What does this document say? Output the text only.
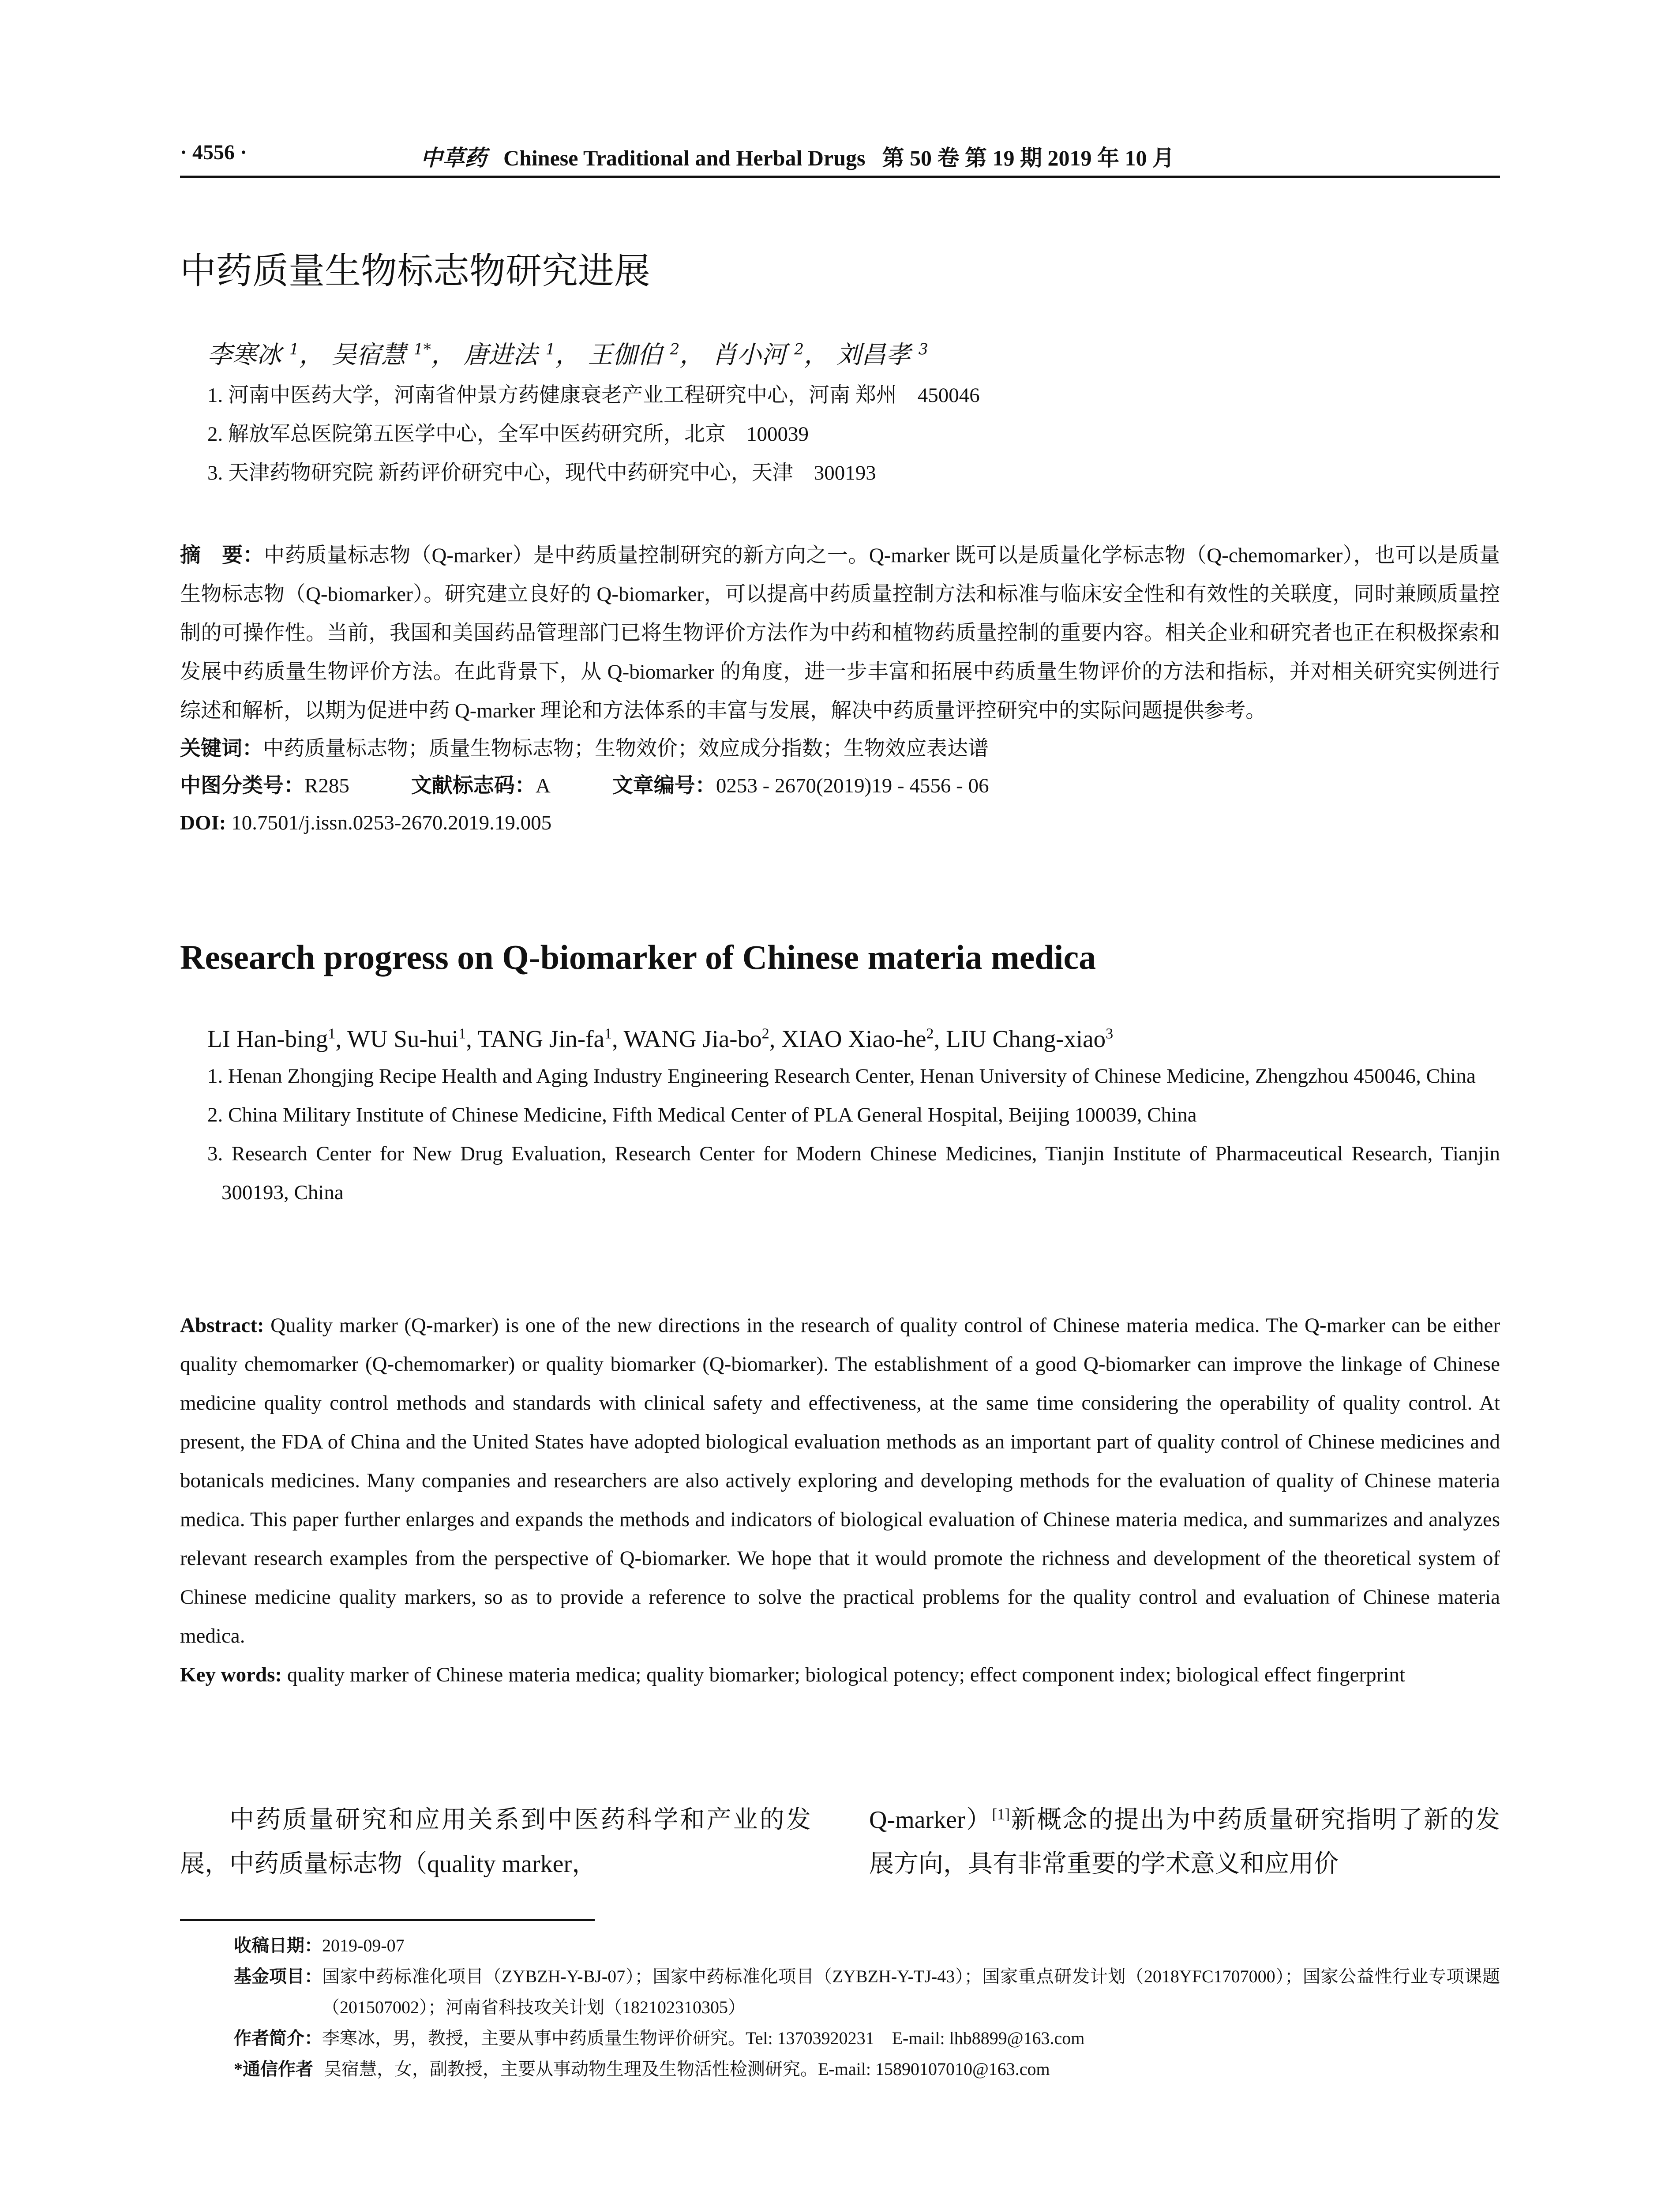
· 4556 ·	中草药 Chinese Traditional and Herbal Drugs 第 50 卷 第 19 期 2019 年 10 月
中药质量生物标志物研究进展
李寒冰 $^1$， 吴宿慧 $^{1*}$， 唐进法 $^1$， 王伽伯 $^2$， 肖小河 $^2$， 刘昌孝 $^3$
1. 河南中医药大学，河南省仲景方药健康衰老产业工程研究中心，河南 郑州　450046
2. 解放军总医院第五医学中心，全军中医药研究所，北京　100039
3. 天津药物研究院 新药评价研究中心，现代中药研究中心，天津　300193
摘　要：中药质量标志物（Q-marker）是中药质量控制研究的新方向之一。Q-marker 既可以是质量化学标志物（Q-chemomarker），也可以是质量生物标志物（Q-biomarker）。研究建立良好的 Q-biomarker，可以提高中药质量控制方法和标准与临床安全性和有效性的关联度，同时兼顾质量控制的可操作性。当前，我国和美国药品管理部门已将生物评价方法作为中药和植物药质量控制的重要内容。相关企业和研究者也正在积极探索和发展中药质量生物评价方法。在此背景下，从 Q-biomarker 的角度，进一步丰富和拓展中药质量生物评价的方法和指标，并对相关研究实例进行综述和解析，以期为促进中药 Q-marker 理论和方法体系的丰富与发展，解决中药质量评控研究中的实际问题提供参考。
关键词：中药质量标志物；质量生物标志物；生物效价；效应成分指数；生物效应表达谱
中图分类号：R285	文献标志码：A	文章编号：0253 - 2670(2019)19 - 4556 - 06
DOI: 10.7501/j.issn.0253-2670.2019.19.005
Research progress on Q-biomarker of Chinese materia medica
LI Han-bing$^1$, WU Su-hui$^1$, TANG Jin-$fa^1$, WANG Jia-$bo^2$, XIAO Xiao-$he^2$, LIU Chang-xiao$^3$
1. Henan Zhongjing Recipe Health and Aging Industry Engineering Research Center, Henan University of Chinese Medicine, Zhengzhou 450046, China
2. China Military Institute of Chinese Medicine, Fifth Medical Center of PLA General Hospital, Beijing 100039, China
3. Research Center for New Drug Evaluation, Research Center for Modern Chinese Medicines, Tianjin Institute of Pharmaceutical Research, Tianjin 300193, China
Abstract: Quality marker (Q-marker) is one of the new directions in the research of quality control of Chinese materia medica. The Q-marker can be either quality chemomarker (Q-chemomarker) or quality biomarker (Q-biomarker). The establishment of a good Q-biomarker can improve the linkage of Chinese medicine quality control methods and standards with clinical safety and effectiveness, at the same time considering the operability of quality control. At present, the FDA of China and the United States have adopted biological evaluation methods as an important part of quality control of Chinese medicines and botanicals medicines. Many companies and researchers are also actively exploring and developing methods for the evaluation of quality of Chinese materia medica. This paper further enlarges and expands the methods and indicators of biological evaluation of Chinese materia medica, and summarizes and analyzes relevant research examples from the perspective of Q-biomarker. We hope that it would promote the richness and development of the theoretical system of Chinese medicine quality markers, so as to provide a reference to solve the practical problems for the quality control and evaluation of Chinese materia medica.
Key words: quality marker of Chinese materia medica; quality biomarker; biological potency; effect component index; biological effect fingerprint
中药质量研究和应用关系到中医药科学和产业的发展，中药质量标志物（quality marker，
Q-marker）[1]新概念的提出为中药质量研究指明了新的发展方向，具有非常重要的学术意义和应用价
收稿日期： 2019-09-07
基金项目： 国家中药标准化项目（ZYBZH-Y-BJ-07）；国家中药标准化项目（ZYBZH-Y-TJ-43）；国家重点研发计划（2018YFC1707000）；国家公益性行业专项课题（201507002）；河南省科技攻关计划（182102310305）
作者简介： 李寒冰，男，教授，主要从事中药质量生物评价研究。Tel: 13703920231　E-mail: lhb8899@163.com
*通信作者 吴宿慧，女，副教授，主要从事动物生理及生物活性检测研究。E-mail: 15890107010@163.com
